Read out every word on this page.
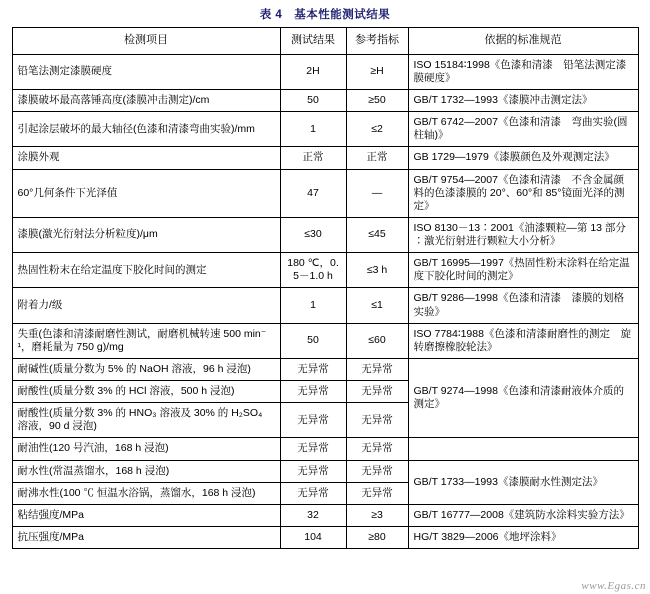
表 4 基本性能测试结果
检测项目	测试结果	参考指标	依据的标准规范
铅笔法测定漆膜硬度	2H	≥H	ISO 15184∶1998《色漆和清漆　铅笔法测定漆膜硬度》
漆膜破坏最高落锤高度(漆膜冲击测定)/cm	50	≥50	GB/T 1732—1993《漆膜冲击测定法》
引起涂层破坏的最大轴径(色漆和清漆弯曲实验)/mm	1	≤2	GB/T 6742—2007《色漆和清漆　弯曲实验(圆柱轴)》
涂膜外观	正常	正常	GB 1729—1979《漆膜颜色及外观测定法》
60°几何条件下光泽值	47	—	GB/T 9754—2007《色漆和清漆　不含金属颜料的色漆漆膜的 20°、60°和 85°镜面光泽的测定》
漆膜(激光衍射法分析粒度)/μm	≤30	≤45	ISO 8130－13∶2001《油漆颗粒—第 13 部分∶激光衍射进行颗粒大小分析》
热固性粉末在给定温度下胶化时间的测定	180 ℃，0.5－1.0 h	≤3 h	GB/T 16995—1997《热固性粉末涂料在给定温度下胶化时间的测定》
附着力/级	1	≤1	GB/T 9286—1998《色漆和清漆　漆膜的划格实验》
失重(色漆和清漆耐磨性测试，耐磨机械转速 500 min⁻¹，磨耗量为 750 g)/mg	50	≤60	ISO 7784∶1988《色漆和清漆耐磨性的测定　旋转磨擦橡胶轮法》
耐碱性(质量分数为 5% 的 NaOH 溶液，96 h 浸泡)	无异常	无异常	GB/T 9274—1998《色漆和清漆耐液体介质的测定》
耐酸性(质量分数 3% 的 HCl 溶液，500 h 浸泡)	无异常	无异常	
耐酸性(质量分数 3% 的 HNO₃ 溶液及 30% 的 H₂SO₄ 溶液，90 d 浸泡)	无异常	无异常	
耐油性(120 号汽油，168 h 浸泡)	无异常	无异常	
耐水性(常温蒸馏水，168 h 浸泡)	无异常	无异常	GB/T 1733—1993《漆膜耐水性测定法》
耐沸水性(100 ℃ 恒温水浴锅，蒸馏水，168 h 浸泡)	无异常	无异常	
粘结强度/MPa	32	≥3	GB/T 16777—2008《建筑防水涂料实验方法》
抗压强度/MPa	104	≥80	HG/T 3829—2006《地坪涂料》
www.Egas.cn
